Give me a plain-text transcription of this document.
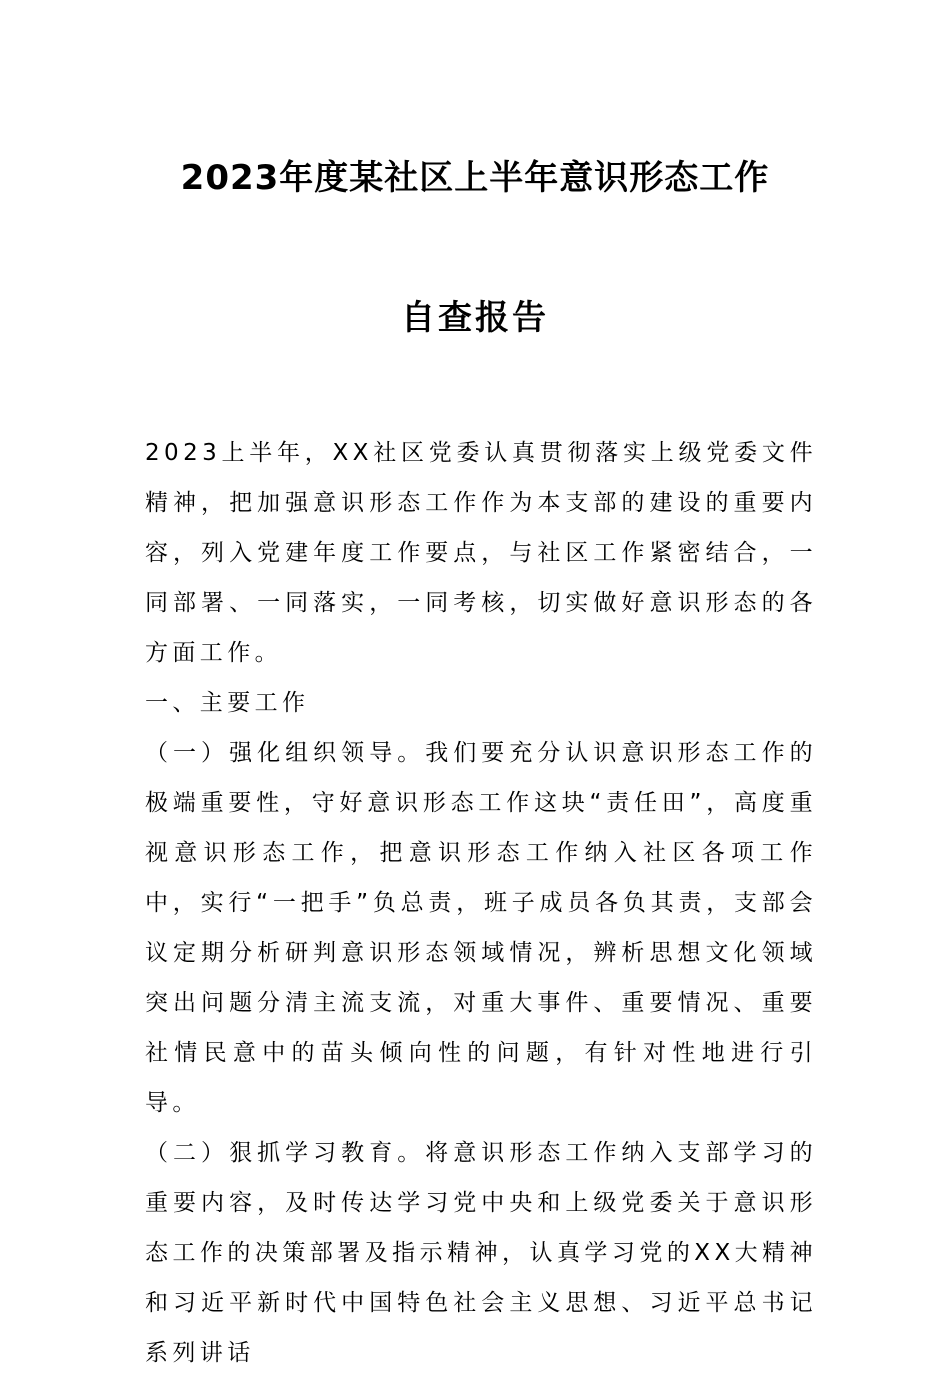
2023年度某社区上半年意识形态工作
自查报告

2023上半年，XX社区党委认真贯彻落实上级党委文件精神，把加强意识形态工作作为本支部的建设的重要内容，列入党建年度工作要点，与社区工作紧密结合，一同部署、一同落实，一同考核，切实做好意识形态的各方面工作。

一、主要工作

（一）强化组织领导。我们要充分认识意识形态工作的极端重要性，守好意识形态工作这块“责任田”，高度重视意识形态工作，把意识形态工作纳入社区各项工作中，实行“一把手”负总责，班子成员各负其责，支部会议定期分析研判意识形态领域情况，辨析思想文化领域突出问题分清主流支流，对重大事件、重要情况、重要社情民意中的苗头倾向性的问题，有针对性地进行引导。

（二）狠抓学习教育。将意识形态工作纳入支部学习的重要内容，及时传达学习党中央和上级党委关于意识形态工作的决策部署及指示精神，认真学习党的XX大精神和习近平新时代中国特色社会主义思想、习近平总书记系列讲话
